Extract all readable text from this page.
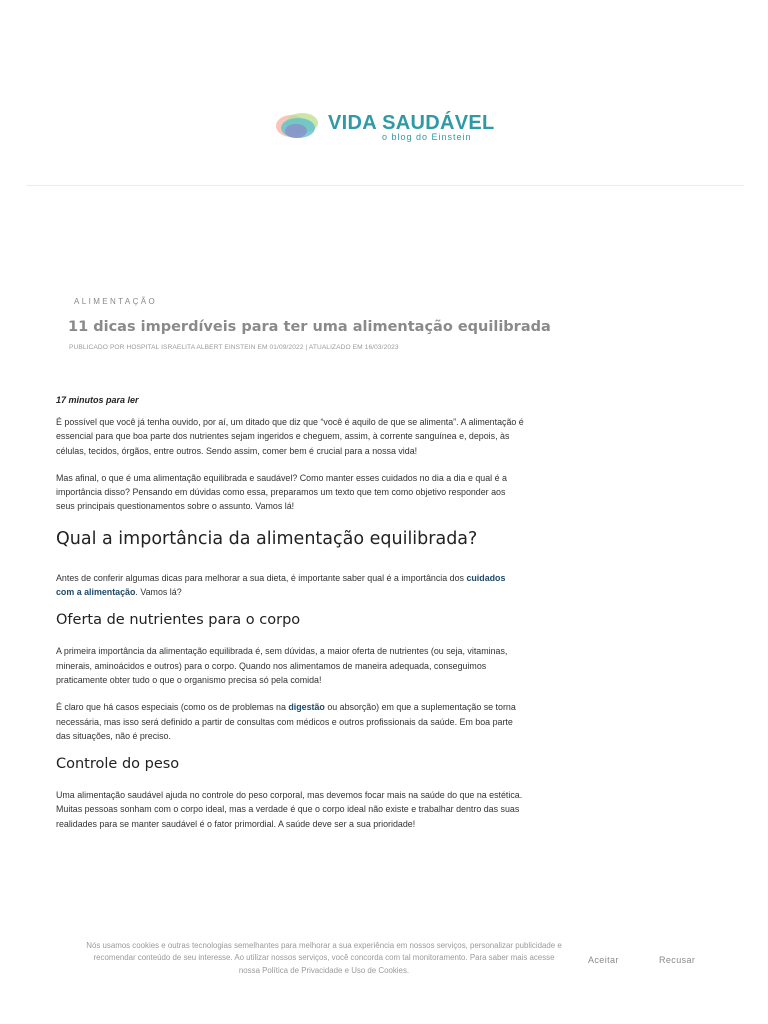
VIDA SAUDÁVEL
o blog do Einstein
ALIMENTAÇÃO
11 dicas imperdíveis para ter uma alimentação equilibrada
PUBLICADO POR HOSPITAL ISRAELITA ALBERT EINSTEIN EM 01/09/2022 | ATUALIZADO EM 16/03/2023
17 minutos para ler

É possível que você já tenha ouvido, por aí, um ditado que diz que “você é aquilo de que se alimenta”. A alimentação é essencial para que boa parte dos nutrientes sejam ingeridos e cheguem, assim, à corrente sanguínea e, depois, às células, tecidos, órgãos, entre outros. Sendo assim, comer bem é crucial para a nossa vida!

Mas afinal, o que é uma alimentação equilibrada e saudável? Como manter esses cuidados no dia a dia e qual é a importância disso? Pensando em dúvidas como essa, preparamos um texto que tem como objetivo responder aos seus principais questionamentos sobre o assunto. Vamos lá!

Qual a importância da alimentação equilibrada?

Antes de conferir algumas dicas para melhorar a sua dieta, é importante saber qual é a importância dos cuidados com a alimentação. Vamos lá?

Oferta de nutrientes para o corpo

A primeira importância da alimentação equilibrada é, sem dúvidas, a maior oferta de nutrientes (ou seja, vitaminas, minerais, aminoácidos e outros) para o corpo. Quando nos alimentamos de maneira adequada, conseguimos praticamente obter tudo o que o organismo precisa só pela comida!

É claro que há casos especiais (como os de problemas na digestão ou absorção) em que a suplementação se torna necessária, mas isso será definido a partir de consultas com médicos e outros profissionais da saúde. Em boa parte das situações, não é preciso.

Controle do peso

Uma alimentação saudável ajuda no controle do peso corporal, mas devemos focar mais na saúde do que na estética. Muitas pessoas sonham com o corpo ideal, mas a verdade é que o corpo ideal não existe e trabalhar dentro das suas realidades para se manter saudável é o fator primordial. A saúde deve ser a sua prioridade!

Nós usamos cookies e outras tecnologias semelhantes para melhorar a sua experiência em nossos serviços, personalizar publicidade e recomendar conteúdo de seu interesse. Ao utilizar nossos serviços, você concorda com tal monitoramento. Para saber mais acesse nossa Política de Privacidade e Uso de Cookies.
Aceitar	Recusar
